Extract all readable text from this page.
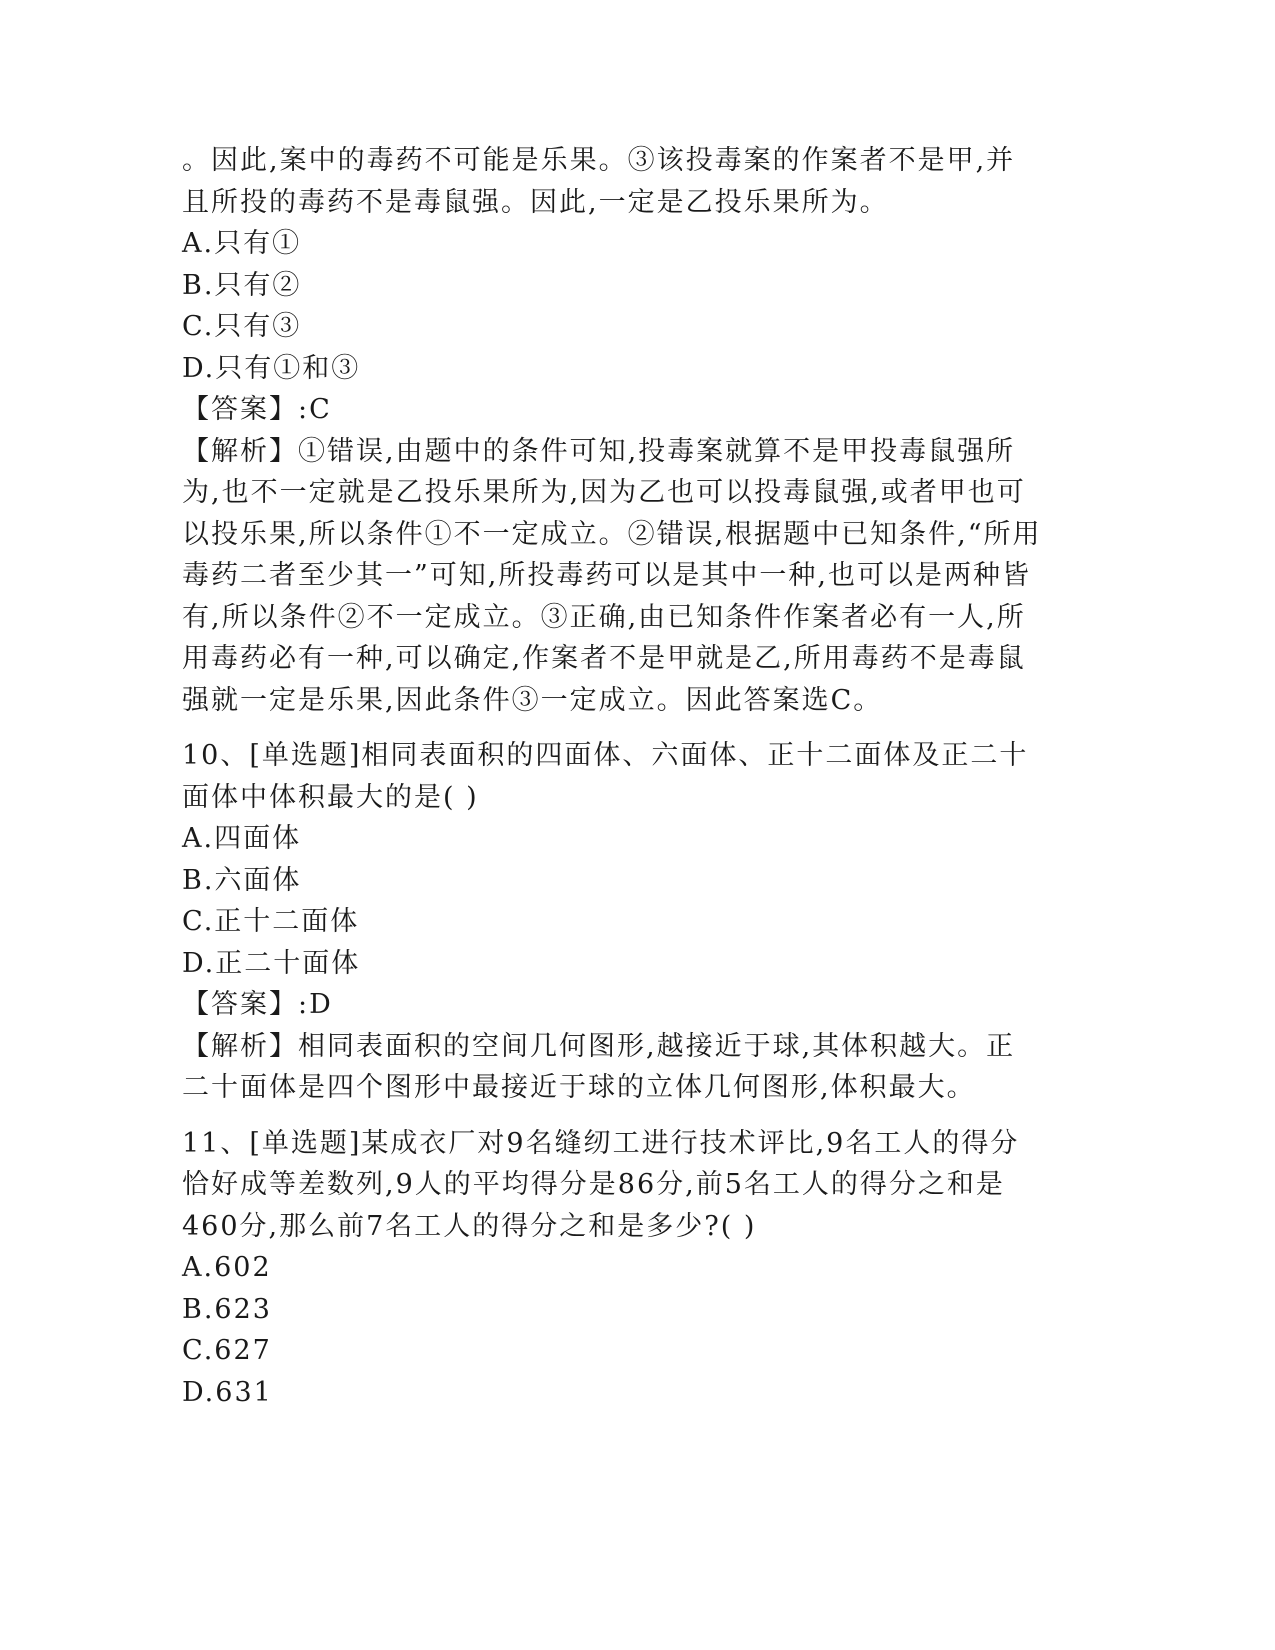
。因此,案中的毒药不可能是乐果。③该投毒案的作案者不是甲,并且所投的毒药不是毒鼠强。因此,一定是乙投乐果所为。

A.只有①
B.只有②
C.只有③
D.只有①和③

【答案】:C

【解析】①错误,由题中的条件可知,投毒案就算不是甲投毒鼠强所为,也不一定就是乙投乐果所为,因为乙也可以投毒鼠强,或者甲也可以投乐果,所以条件①不一定成立。②错误,根据题中已知条件,“所用毒药二者至少其一”可知,所投毒药可以是其中一种,也可以是两种皆有,所以条件②不一定成立。③正确,由已知条件作案者必有一人,所用毒药必有一种,可以确定,作案者不是甲就是乙,所用毒药不是毒鼠强就一定是乐果,因此条件③一定成立。因此答案选C。

10、[单选题]相同表面积的四面体、六面体、正十二面体及正二十面体中体积最大的是( )

A.四面体
B.六面体
C.正十二面体
D.正二十面体

【答案】:D

【解析】相同表面积的空间几何图形,越接近于球,其体积越大。正二十面体是四个图形中最接近于球的立体几何图形,体积最大。

11、[单选题]某成衣厂对9名缝纫工进行技术评比,9名工人的得分恰好成等差数列,9人的平均得分是86分,前5名工人的得分之和是460分,那么前7名工人的得分之和是多少?( )

A.602
B.623
C.627
D.631
